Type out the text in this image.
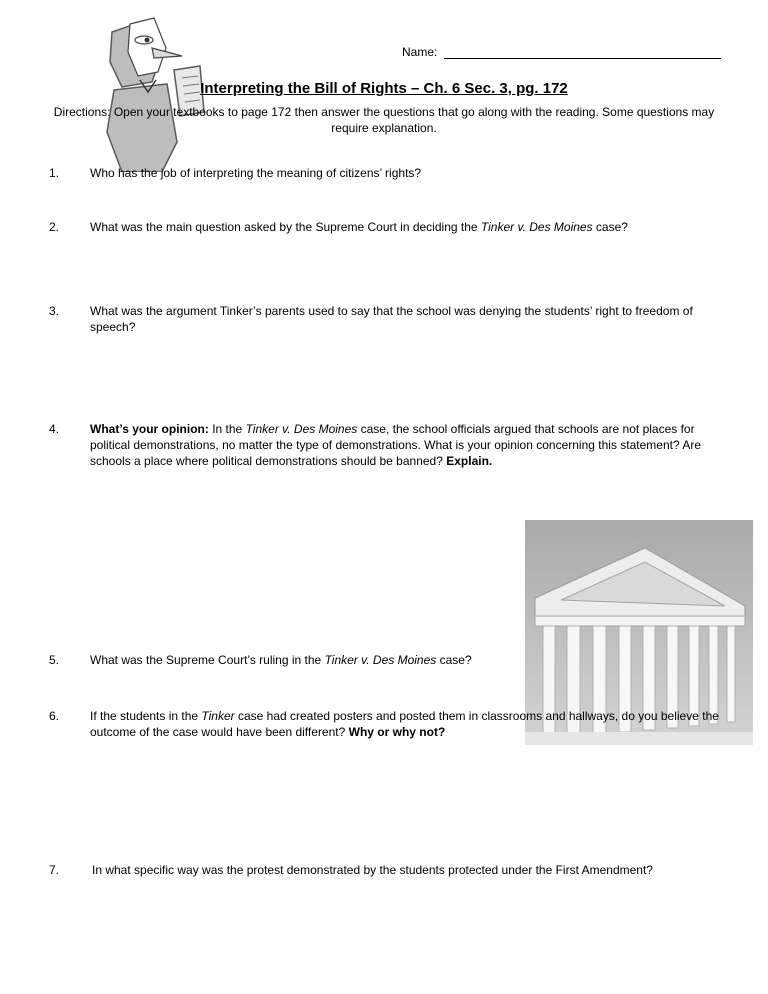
Name:
Interpreting the Bill of Rights – Ch. 6 Sec. 3, pg. 172
Directions: Open your textbooks to page 172 then answer the questions that go along with the reading. Some questions may require explanation.
1.	Who has the job of interpreting the meaning of citizens’ rights?
2.	What was the main question asked by the Supreme Court in deciding the Tinker v. Des Moines case?
3.	What was the argument Tinker’s parents used to say that the school was denying the students’ right to freedom of speech?
4.	What’s your opinion: In the Tinker v. Des Moines case, the school officials argued that schools are not places for political demonstrations, no matter the type of demonstrations. What is your opinion concerning this statement? Are schools a place where political demonstrations should be banned? Explain.
5.	What was the Supreme Court’s ruling in the Tinker v. Des Moines case?
6.	If the students in the Tinker case had created posters and posted them in classrooms and hallways, do you believe the outcome of the case would have been different? Why or why not?
7.	In what specific way was the protest demonstrated by the students protected under the First Amendment?
